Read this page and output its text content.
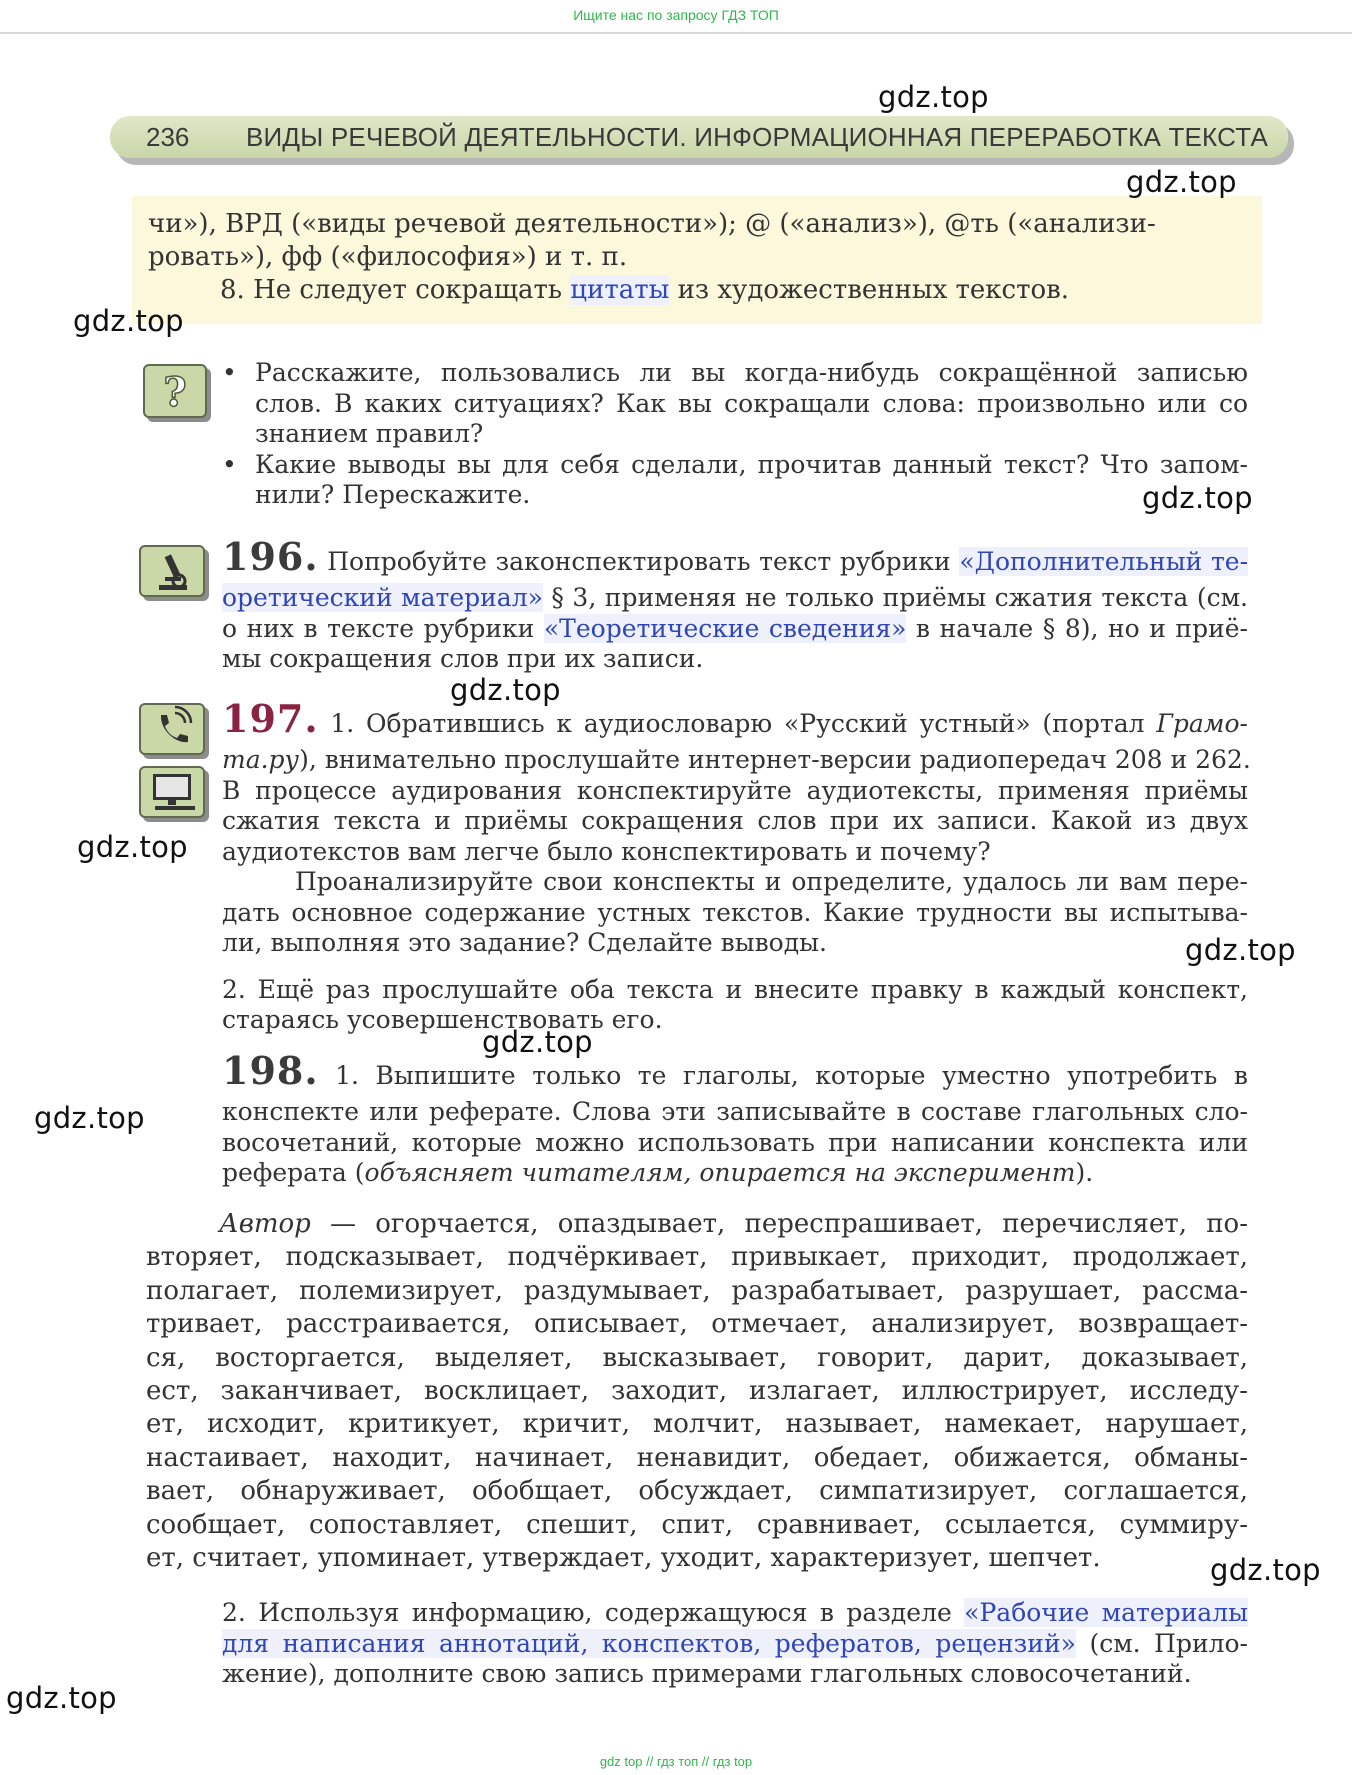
Ищите нас по запросу ГДЗ ТОП
236	ВИДЫ РЕЧЕВОЙ ДЕЯТЕЛЬНОСТИ. ИНФОРМАЦИОННАЯ ПЕРЕРАБОТКА ТЕКСТА

чи»), ВРД («виды речевой деятельности»); @ («анализ»), @ть («анализи-

ровать»), фф («философия») и т. п.

8. Не следует сокращать цитаты из художественных текстов.

? • Расскажите, пользовались ли вы когда-нибудь сокращённой записью

слов. В каких ситуациях? Как вы сокращали слова: произвольно или со

знанием правил?

• Какие выводы вы для себя сделали, прочитав данный текст? Что запом-

нили? Перескажите.

196. Попробуйте законспектировать текст рубрики «Дополнительный те-

оретический материал» § 3, применяя не только приёмы сжатия текста (см.

о них в тексте рубрики «Теоретические сведения» в начале § 8), но и приё-

мы сокращения слов при их записи.

197. 1. Обратившись к аудиословарю «Русский устный» (портал Грамо-

та.ру), внимательно прослушайте интернет-версии радиопередач 208 и 262.

В процессе аудирования конспектируйте аудиотексты, применяя приёмы

сжатия текста и приёмы сокращения слов при их записи. Какой из двух

аудиотекстов вам легче было конспектировать и почему?

Проанализируйте свои конспекты и определите, удалось ли вам пере-

дать основное содержание устных текстов. Какие трудности вы испытыва-

ли, выполняя это задание? Сделайте выводы.

2. Ещё раз прослушайте оба текста и внесите правку в каждый конспект,

стараясь усовершенствовать его.

198. 1. Выпишите только те глаголы, которые уместно употребить в

конспекте или реферате. Слова эти записывайте в составе глагольных сло-

восочетаний, которые можно использовать при написании конспекта или

реферата (объясняет читателям, опирается на эксперимент).

Автор — огорчается, опаздывает, переспрашивает, перечисляет, по-

вторяет, подсказывает, подчёркивает, привыкает, приходит, продолжает,

полагает, полемизирует, раздумывает, разрабатывает, разрушает, рассма-

тривает, расстраивается, описывает, отмечает, анализирует, возвращает-

ся, восторгается, выделяет, высказывает, говорит, дарит, доказывает,

ест, заканчивает, восклицает, заходит, излагает, иллюстрирует, исследу-

ет, исходит, критикует, кричит, молчит, называет, намекает, нарушает,

настаивает, находит, начинает, ненавидит, обедает, обижается, обманы-

вает, обнаруживает, обобщает, обсуждает, симпатизирует, соглашается,

сообщает, сопоставляет, спешит, спит, сравнивает, ссылается, суммиру-

ет, считает, упоминает, утверждает, уходит, характеризует, шепчет.

2. Используя информацию, содержащуюся в разделе «Рабочие материалы

для написания аннотаций, конспектов, рефератов, рецензий» (см. Прило-

жение), дополните свою запись примерами глагольных словосочетаний.

gdz.top
gdz.top
gdz.top
gdz.top
gdz.top
gdz.top
gdz.top
gdz.top
gdz.top
gdz.top
gdz.top
gdz top // гдз топ // гдз top
